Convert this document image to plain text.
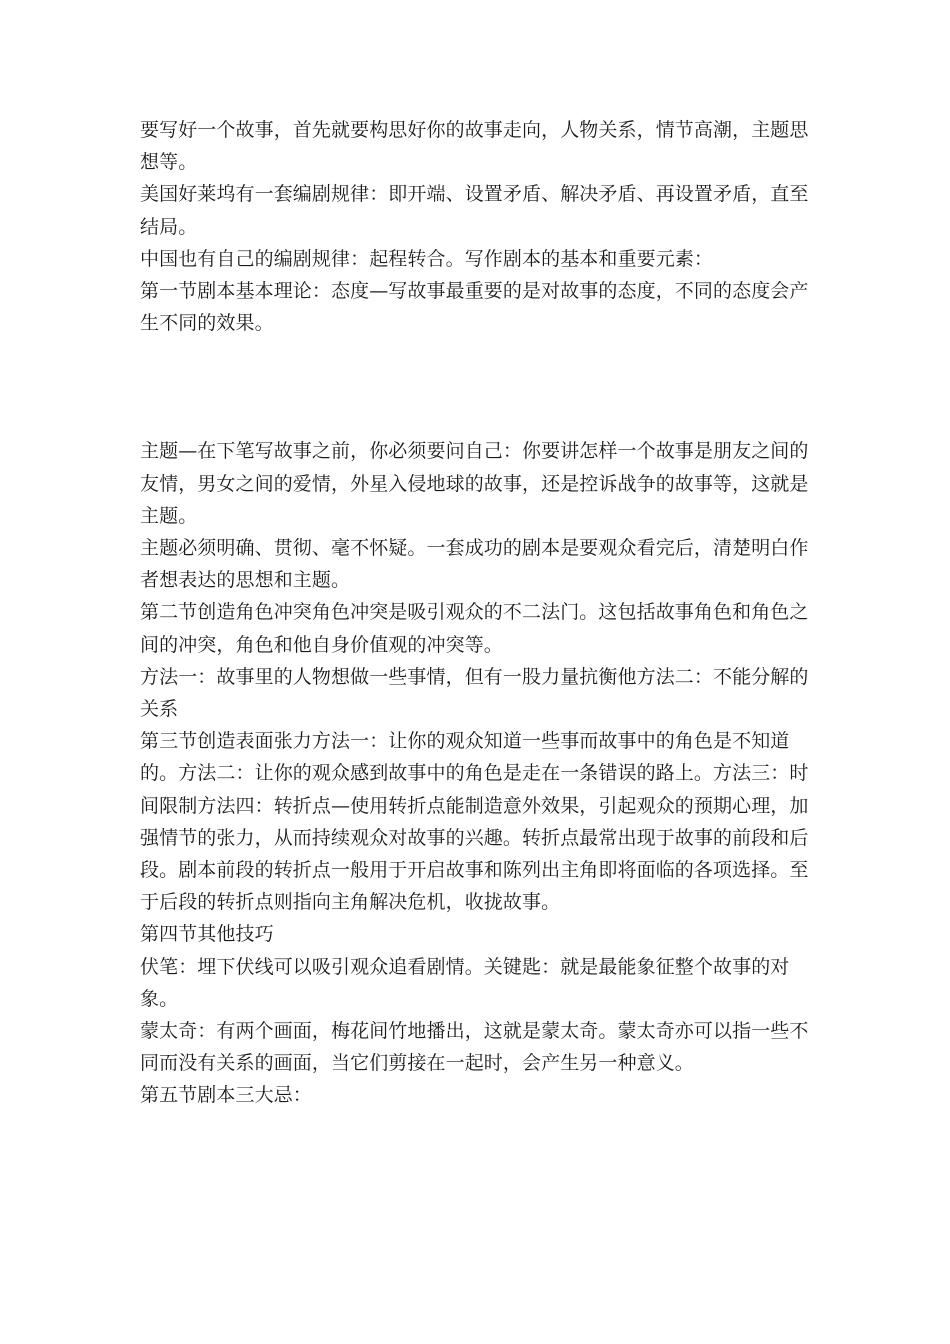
要写好一个故事，首先就要构思好你的故事走向，人物关系，情节高潮，主题思想等。

美国好莱坞有一套编剧规律：即开端、设置矛盾、解决矛盾、再设置矛盾，直至结局。

中国也有自己的编剧规律：起程转合。写作剧本的基本和重要元素：

第一节剧本基本理论：态度—写故事最重要的是对故事的态度，不同的态度会产生不同的效果。

主题—在下笔写故事之前，你必须要问自己：你要讲怎样一个故事是朋友之间的友情，男女之间的爱情，外星入侵地球的故事，还是控诉战争的故事等，这就是主题。

主题必须明确、贯彻、毫不怀疑。一套成功的剧本是要观众看完后，清楚明白作者想表达的思想和主题。

第二节创造角色冲突角色冲突是吸引观众的不二法门。这包括故事角色和角色之间的冲突，角色和他自身价值观的冲突等。

方法一：故事里的人物想做一些事情，但有一股力量抗衡他方法二：不能分解的关系

第三节创造表面张力方法一：让你的观众知道一些事而故事中的角色是不知道的。方法二：让你的观众感到故事中的角色是走在一条错误的路上。方法三：时间限制方法四：转折点—使用转折点能制造意外效果，引起观众的预期心理，加强情节的张力，从而持续观众对故事的兴趣。转折点最常出现于故事的前段和后段。剧本前段的转折点一般用于开启故事和陈列出主角即将面临的各项选择。至于后段的转折点则指向主角解决危机，收拢故事。

第四节其他技巧

伏笔：埋下伏线可以吸引观众追看剧情。关键匙：就是最能象征整个故事的对象。

蒙太奇：有两个画面，梅花间竹地播出，这就是蒙太奇。蒙太奇亦可以指一些不同而没有关系的画面，当它们剪接在一起时，会产生另一种意义。

第五节剧本三大忌：
